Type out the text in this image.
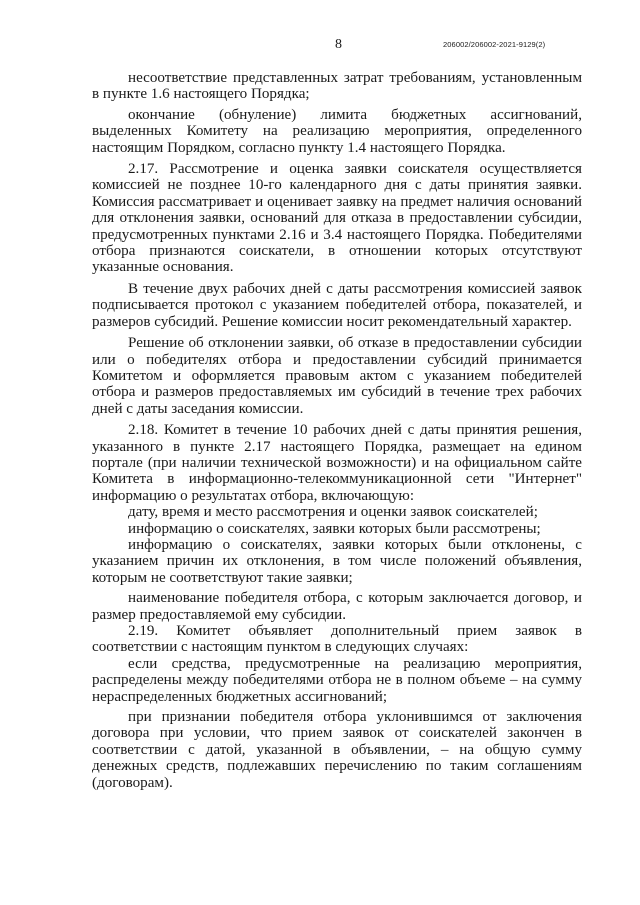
8	206002/206002-2021-9129(2)

несоответствие представленных затрат требованиям, установленным в пункте 1.6 настоящего Порядка;

окончание (обнуление) лимита бюджетных ассигнований, выделенных Комитету на реализацию мероприятия, определенного настоящим Порядком, согласно пункту 1.4 настоящего Порядка.

2.17. Рассмотрение и оценка заявки соискателя осуществляется комиссией не позднее 10-го календарного дня с даты принятия заявки. Комиссия рассматривает и оценивает заявку на предмет наличия оснований для отклонения заявки, оснований для отказа в предоставлении субсидии, предусмотренных пунктами 2.16 и 3.4 настоящего Порядка. Победителями отбора признаются соискатели, в отношении которых отсутствуют указанные основания.

В течение двух рабочих дней с даты рассмотрения комиссией заявок подписывается протокол с указанием победителей отбора, показателей, и размеров субсидий. Решение комиссии носит рекомендательный характер.

Решение об отклонении заявки, об отказе в предоставлении субсидии или о победителях отбора и предоставлении субсидий принимается Комитетом и оформляется правовым актом с указанием победителей отбора и размеров предоставляемых им субсидий в течение трех рабочих дней с даты заседания комиссии.

2.18. Комитет в течение 10 рабочих дней с даты принятия решения, указанного в пункте 2.17 настоящего Порядка, размещает на едином портале (при наличии технической возможности) и на официальном сайте Комитета в информационно-телекоммуникационной сети "Интернет" информацию о результатах отбора, включающую:

дату, время и место рассмотрения и оценки заявок соискателей;

информацию о соискателях, заявки которых были рассмотрены;

информацию о соискателях, заявки которых были отклонены, с указанием причин их отклонения, в том числе положений объявления, которым не соответствуют такие заявки;

наименование победителя отбора, с которым заключается договор, и размер предоставляемой ему субсидии.

2.19. Комитет объявляет дополнительный прием заявок в соответствии с настоящим пунктом в следующих случаях:

если средства, предусмотренные на реализацию мероприятия, распределены между победителями отбора не в полном объеме – на сумму нераспределенных бюджетных ассигнований;

при признании победителя отбора уклонившимся от заключения договора при условии, что прием заявок от соискателей закончен в соответствии с датой, указанной в объявлении, – на общую сумму денежных средств, подлежавших перечислению по таким соглашениям (договорам).
